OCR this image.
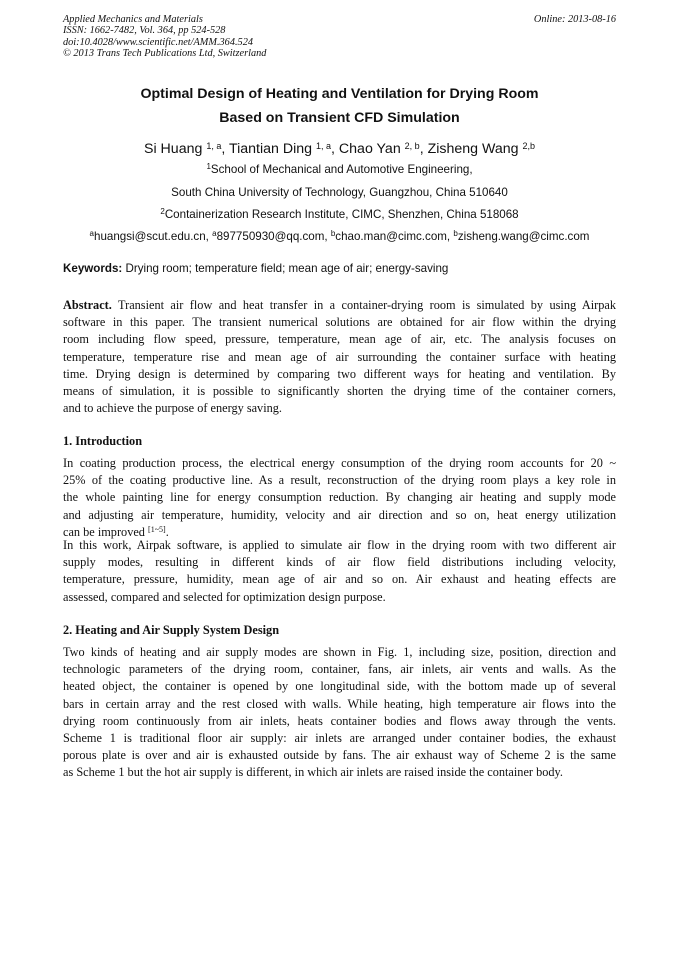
Applied Mechanics and Materials
ISSN: 1662-7482, Vol. 364, pp 524-528
doi:10.4028/www.scientific.net/AMM.364.524
© 2013 Trans Tech Publications Ltd, Switzerland
Online: 2013-08-16
Optimal Design of Heating and Ventilation for Drying Room
Based on Transient CFD Simulation
Si Huang $^{1, a}$, Tiantian Ding $^{1, a}$, Chao Yan $^{2, b}$, Zisheng Wang $^{2,b}$
$^1$School of Mechanical and Automotive Engineering,
South China University of Technology, Guangzhou, China 510640
$^2$Containerization Research Institute, CIMC, Shenzhen, China 518068
$^a$huangsi@scut.edu.cn, $^a$897750930@qq.com, $^b$chao.man@cimc.com, $^b$zisheng.wang@cimc.com
Keywords: Drying room; temperature field; mean age of air; energy-saving
Abstract. Transient air flow and heat transfer in a container-drying room is simulated by using Airpak
software in this paper. The transient numerical solutions are obtained for air flow within the drying
room including flow speed, pressure, temperature, mean age of air, etc. The analysis focuses on
temperature, temperature rise and mean age of air surrounding the container surface with heating
time. Drying design is determined by comparing two different ways for heating and ventilation. By
means of simulation, it is possible to significantly shorten the drying time of the container corners,
and to achieve the purpose of energy saving.
1. Introduction
In coating production process, the electrical energy consumption of the drying room accounts for 20 ~
25% of the coating productive line. As a result, reconstruction of the drying room plays a key role in
the whole painting line for energy consumption reduction. By changing air heating and supply mode
and adjusting air temperature, humidity, velocity and air direction and so on, heat energy utilization
can be improved [1~5].
In this work, Airpak software, is applied to simulate air flow in the drying room with two different air
supply modes, resulting in different kinds of air flow field distributions including velocity,
temperature, pressure, humidity, mean age of air and so on. Air exhaust and heating effects are
assessed, compared and selected for optimization design purpose.
2. Heating and Air Supply System Design
Two kinds of heating and air supply modes are shown in Fig. 1, including size, position, direction and
technologic parameters of the drying room, container, fans, air inlets, air vents and walls. As the
heated object, the container is opened by one longitudinal side, with the bottom made up of several
bars in certain array and the rest closed with walls. While heating, high temperature air flows into the
drying room continuously from air inlets, heats container bodies and flows away through the vents.
Scheme 1 is traditional floor air supply: air inlets are arranged under container bodies, the exhaust
porous plate is over and air is exhausted outside by fans. The air exhaust way of Scheme 2 is the same
as Scheme 1 but the hot air supply is different, in which air inlets are raised inside the container body.
